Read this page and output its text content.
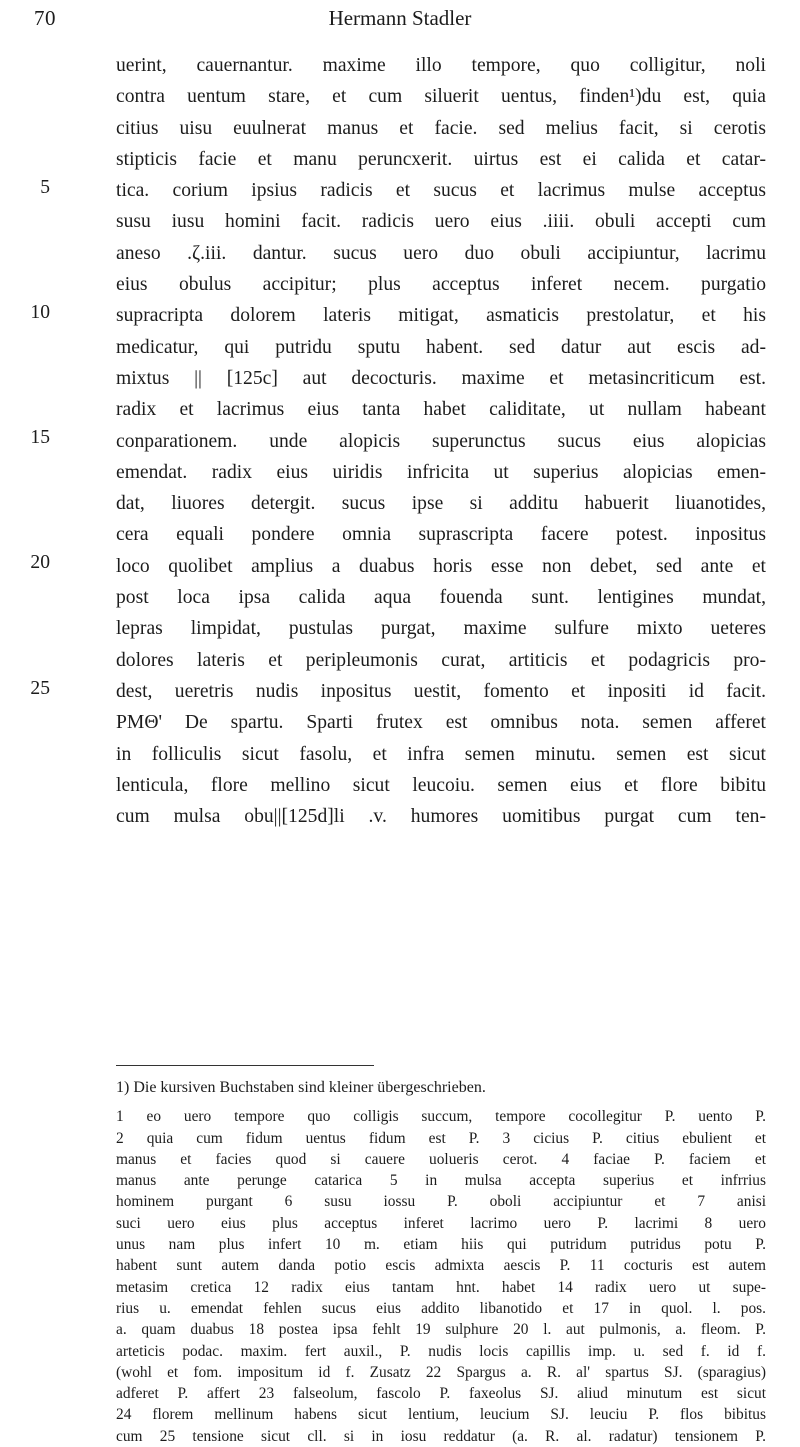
70	Hermann Stadler
5
10
15
20
25
uerint, cauernantur. maxime illo tempore, quo colligitur, noli
contra uentum stare, et cum siluerit uentus, finden¹)du est, quia
citius uisu euulnerat manus et facie. sed melius facit, si cerotis
stipticis facie et manu peruncxerit. uirtus est ei calida et catar-
tica. corium ipsius radicis et sucus et lacrimus mulse acceptus
susu iusu homini facit. radicis uero eius .iiii. obuli accepti cum
aneso .ζ.iii. dantur. sucus uero duo obuli accipiuntur, lacrimu
eius obulus accipitur; plus acceptus inferet necem. purgatio
supracripta dolorem lateris mitigat, asmaticis prestolatur, et his
medicatur, qui putridu sputu habent. sed datur aut escis ad-
mixtus || [125c] aut decocturis. maxime et metasincriticum est.
radix et lacrimus eius tanta habet caliditate, ut nullam habeant
conparationem. unde alopicis superunctus sucus eius alopicias
emendat. radix eius uiridis infricita ut superius alopicias emen-
dat, liuores detergit. sucus ipse si additu habuerit liuanotides,
cera equali pondere omnia suprascripta facere potest. inpositus
loco quolibet amplius a duabus horis esse non debet, sed ante et
post loca ipsa calida aqua fouenda sunt. lentigines mundat,
lepras limpidat, pustulas purgat, maxime sulfure mixto ueteres
dolores lateris et peripleumonis curat, artiticis et podagricis pro-
dest, ueretris nudis inpositus uestit, fomento et inpositi id facit.
PMΘ' De spartu. Sparti frutex est omnibus nota. semen afferet
in folliculis sicut fasolu, et infra semen minutu. semen est sicut
lenticula, flore mellino sicut leucoiu. semen eius et flore bibitu
cum mulsa obu||[125d]li .v. humores uomitibus purgat cum ten-
1) Die kursiven Buchstaben sind kleiner übergeschrieben.
1 eo uero tempore quo colligis succum, tempore cocollegitur P. uento P.
2 quia cum fidum uentus fidum est P. 3 cicius P. citius ebulient et
manus et facies quod si cauere uolueris cerot. 4 faciae P. faciem et
manus ante perunge catarica 5 in mulsa accepta superius et infrrius
hominem purgant 6 susu iossu P. oboli accipiuntur et 7 anisi
suci uero eius plus acceptus inferet lacrimo uero P. lacrimi 8 uero
unus nam plus infert 10 m. etiam hiis qui putridum putridus potu P.
habent sunt autem danda potio escis admixta aescis P. 11 cocturis est autem
metasim cretica 12 radix eius tantam hnt. habet 14 radix uero ut supe-
rius u. emendat fehlen sucus eius addito libanotido et 17 in quol. l. pos.
a. quam duabus 18 postea ipsa fehlt 19 sulphure 20 l. aut pulmonis, a. fleom. P.
arteticis podac. maxim. fert auxil., P. nudis locis capillis imp. u. sed f. id f.
(wohl et fom. impositum id f. Zusatz 22 Spargus a. R. al' spartus SJ. (sparagius)
adferet P. affert 23 falseolum, fascolo P. faxeolus SJ. aliud minutum est sicut
24 florem mellinum habens sicut lentium, leucium SJ. leuciu P. flos bibitus
cum 25 tensione sicut cll. si in iosu reddatur (a. R. al. radatur) tensionem P.
